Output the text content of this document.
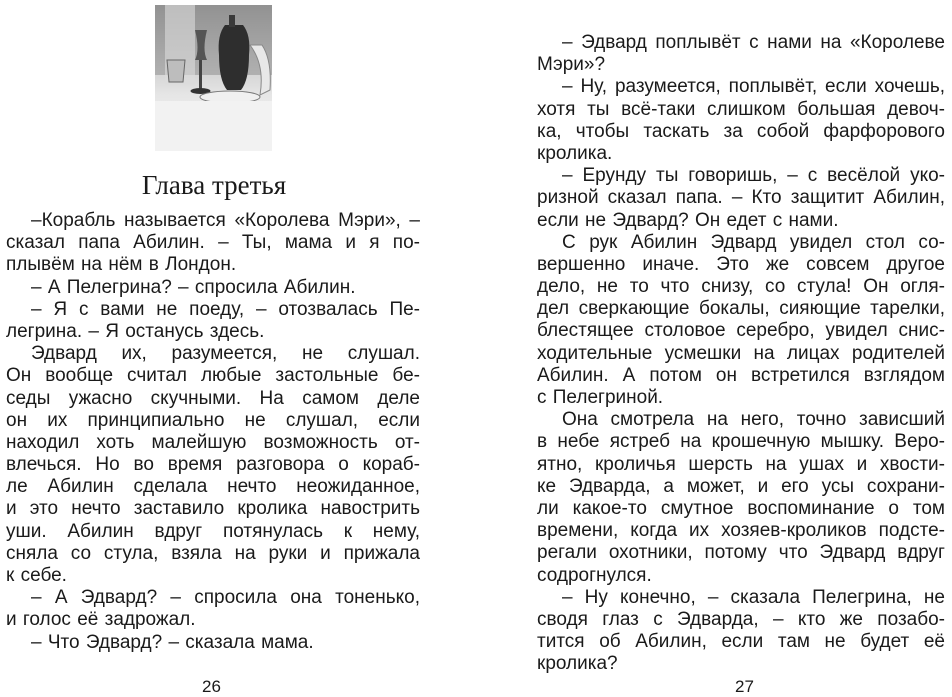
Глава третья
–Корабль называется «Королева Мэри», –
сказал папа Абилин. – Ты, мама и я по-
плывём на нём в Лондон.
– А Пелегрина? – спросила Абилин.
– Я с вами не поеду, – отозвалась Пе-
легрина. – Я останусь здесь.
Эдвард их, разумеется, не слушал.
Он вообще считал любые застольные бе-
седы ужасно скучными. На самом деле
он их принципиально не слушал, если
находил хоть малейшую возможность от-
влечься. Но во время разговора о кораб-
ле Абилин сделала нечто неожиданное,
и это нечто заставило кролика навострить
уши. Абилин вдруг потянулась к нему,
сняла со стула, взяла на руки и прижала
к себе.
– А Эдвард? – спросила она тоненько,
и голос её задрожал.
– Что Эдвард? – сказала мама.
– Эдвард поплывёт с нами на «Королеве
Мэри»?
– Ну, разумеется, поплывёт, если хочешь,
хотя ты всё-таки слишком большая девоч-
ка, чтобы таскать за собой фарфорового
кролика.
– Ерунду ты говоришь, – с весёлой уко-
ризной сказал папа. – Кто защитит Абилин,
если не Эдвард? Он едет с нами.
С рук Абилин Эдвард увидел стол со-
вершенно иначе. Это же совсем другое
дело, не то что снизу, со стула! Он огля-
дел сверкающие бокалы, сияющие тарелки,
блестящее столовое серебро, увидел снис-
ходительные усмешки на лицах родителей
Абилин. А потом он встретился взглядом
с Пелегриной.
Она смотрела на него, точно зависший
в небе ястреб на крошечную мышку. Веро-
ятно, кроличья шерсть на ушах и хвости-
ке Эдварда, а может, и его усы сохрани-
ли какое-то смутное воспоминание о том
времени, когда их хозяев-кроликов подсте-
регали охотники, потому что Эдвард вдруг
содрогнулся.
– Ну конечно, – сказала Пелегрина, не
сводя глаз с Эдварда, – кто же позабо-
тится об Абилин, если там не будет её
кролика?
26	27
